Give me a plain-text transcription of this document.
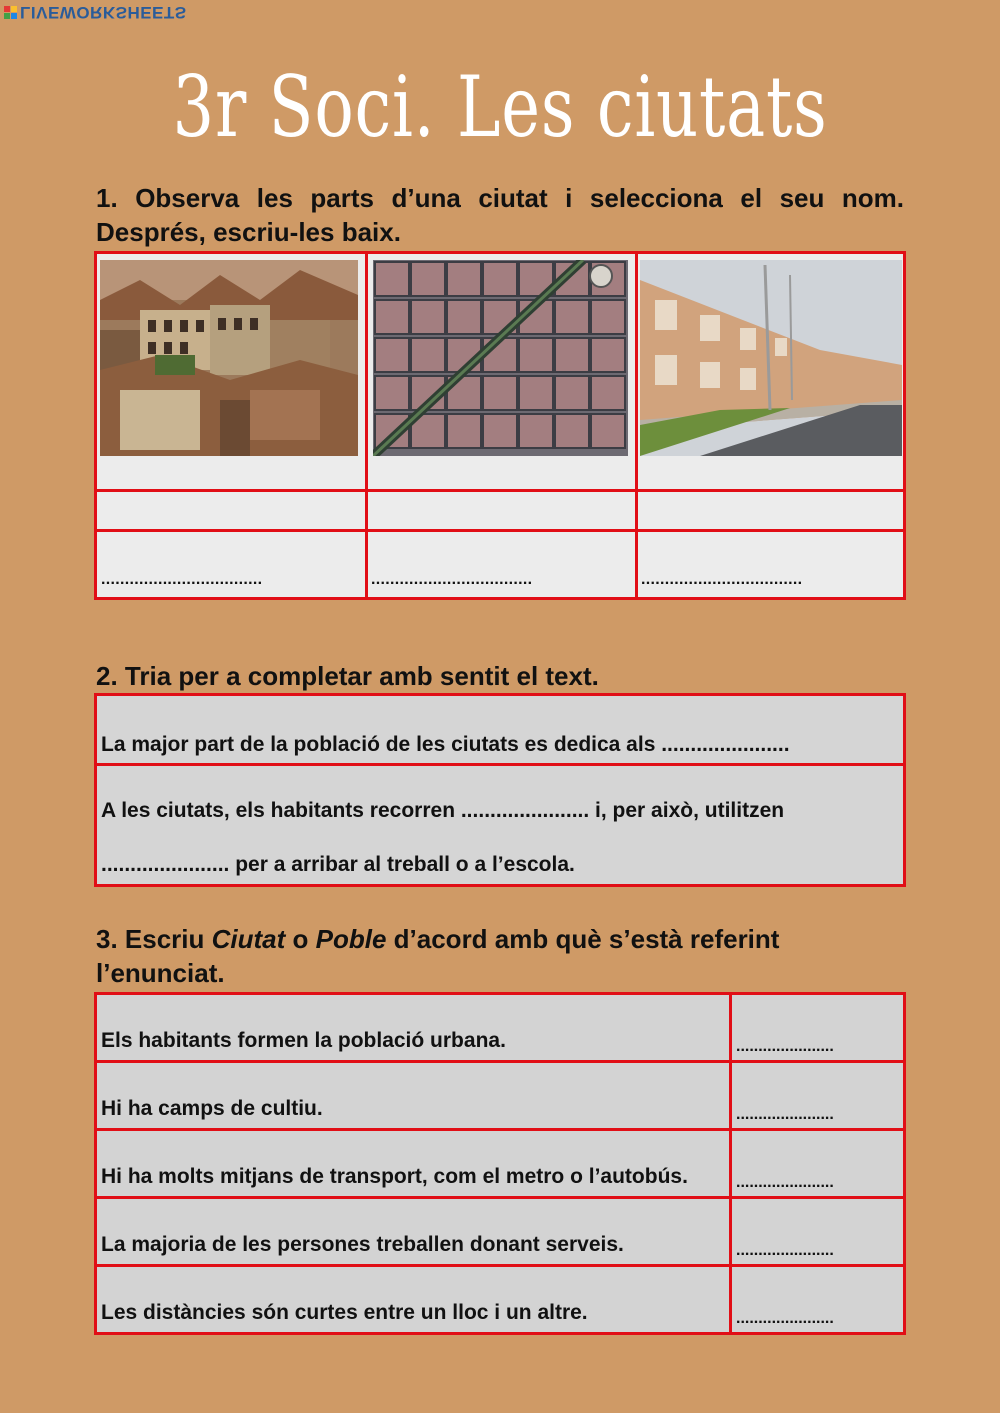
LIVEWORKSHEETS
3r Soci. Les ciutats
1. Observa les parts d’una ciutat i selecciona el seu nom. Després, escriu-les baix.
..................................	..................................	..................................
2. Tria per a completar amb sentit el text.
La major part de la població de les ciutats es dedica als ......................
A les ciutats, els habitants recorren ...................... i, per això, utilitzen
...................... per a arribar al treball o a l’escola.
3. Escriu Ciutat o Poble d’acord amb què s’està referint l’enunciat.
Els habitants formen la població urbana.	......................
Hi ha camps de cultiu.	......................
Hi ha molts mitjans de transport, com el metro o l’autobús.	......................
La majoria de les persones treballen donant serveis.	......................
Les distàncies són curtes entre un lloc i un altre.	......................
